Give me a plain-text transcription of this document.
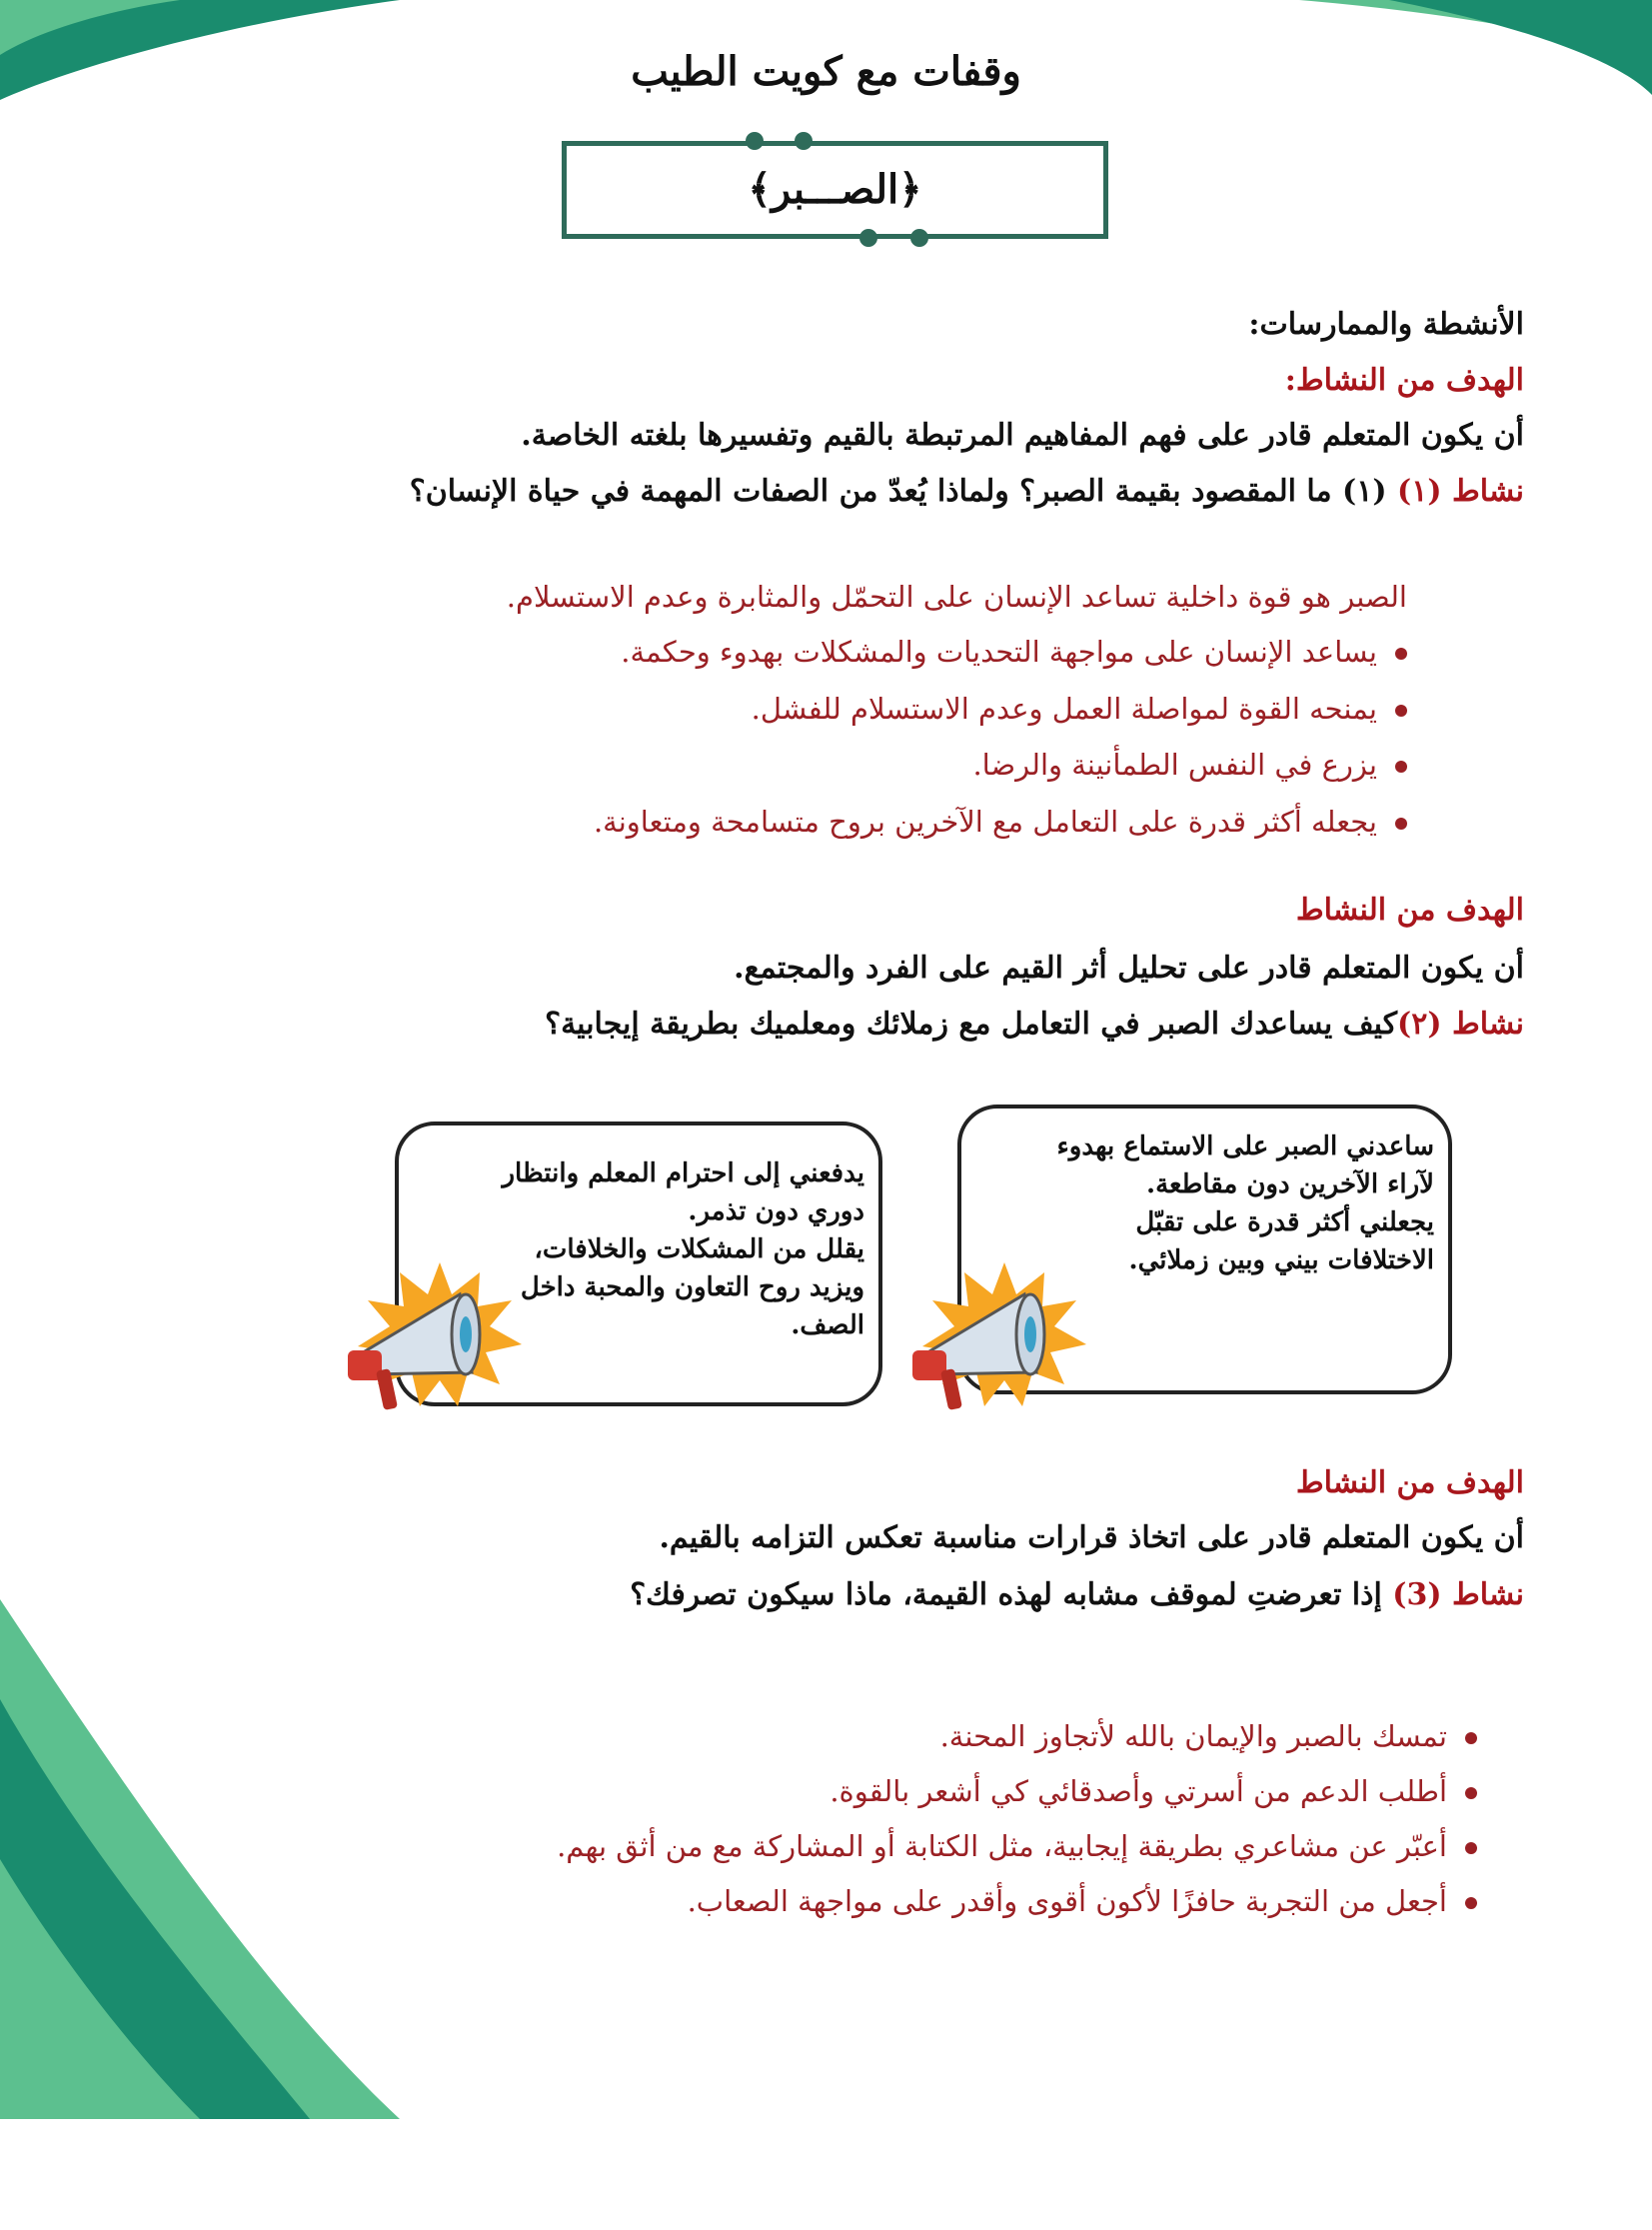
وقفات مع كويت الطيب
﴿الصـــبر﴾
الأنشطة والممارسات:
الهدف من النشاط:
أن يكون المتعلم قادر على فهم المفاهيم المرتبطة بالقيم وتفسيرها بلغته الخاصة.
نشاط (١) (١) ما المقصود بقيمة الصبر؟ ولماذا يُعدّ من الصفات المهمة في حياة الإنسان؟
الصبر هو قوة داخلية تساعد الإنسان على التحمّل والمثابرة وعدم الاستسلام.
يساعد الإنسان على مواجهة التحديات والمشكلات بهدوء وحكمة.
يمنحه القوة لمواصلة العمل وعدم الاستسلام للفشل.
يزرع في النفس الطمأنينة والرضا.
يجعله أكثر قدرة على التعامل مع الآخرين بروح متسامحة ومتعاونة.
الهدف من النشاط
أن يكون المتعلم قادر على تحليل أثر القيم على الفرد والمجتمع.
نشاط (٢)كيف يساعدك الصبر في التعامل مع زملائك ومعلميك بطريقة إيجابية؟
ساعدني الصبر على الاستماع بهدوء
لآراء الآخرين دون مقاطعة.
يجعلني أكثر قدرة على تقبّل
الاختلافات بيني وبين زملائي.
يدفعني إلى احترام المعلم وانتظار
دوري دون تذمر.
يقلل من المشكلات والخلافات،
ويزيد روح التعاون والمحبة داخل
الصف.
الهدف من النشاط
أن يكون المتعلم قادر على اتخاذ قرارات مناسبة تعكس التزامه بالقيم.
نشاط (3) إذا تعرضتِ لموقف مشابه لهذه القيمة، ماذا سيكون تصرفك؟
تمسك بالصبر والإيمان بالله لأتجاوز المحنة.
أطلب الدعم من أسرتي وأصدقائي كي أشعر بالقوة.
أعبّر عن مشاعري بطريقة إيجابية، مثل الكتابة أو المشاركة مع من أثق بهم.
أجعل من التجربة حافزًا لأكون أقوى وأقدر على مواجهة الصعاب.
